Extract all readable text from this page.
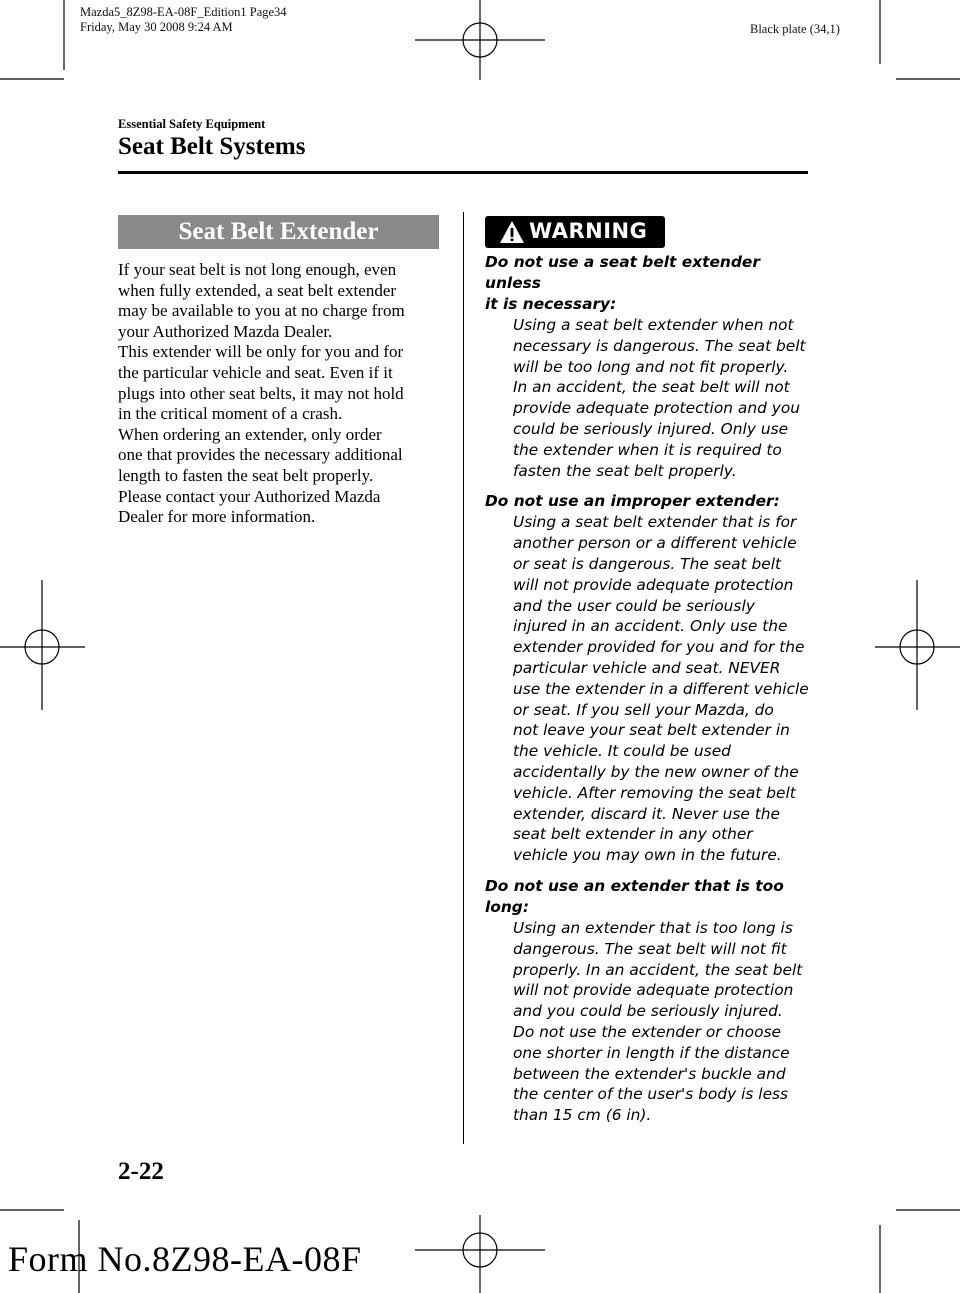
Mazda5_8Z98-EA-08F_Edition1 Page34
Friday, May 30 2008 9:24 AM	Black plate (34,1)
Essential Safety Equipment
Seat Belt Systems
Seat Belt Extender
If your seat belt is not long enough, even
when fully extended, a seat belt extender
may be available to you at no charge from
your Authorized Mazda Dealer.
This extender will be only for you and for
the particular vehicle and seat. Even if it
plugs into other seat belts, it may not hold
in the critical moment of a crash.
When ordering an extender, only order
one that provides the necessary additional
length to fasten the seat belt properly.
Please contact your Authorized Mazda
Dealer for more information.
WARNING
Do not use a seat belt extender unless
it is necessary:
Using a seat belt extender when not
necessary is dangerous. The seat belt
will be too long and not fit properly.
In an accident, the seat belt will not
provide adequate protection and you
could be seriously injured. Only use
the extender when it is required to
fasten the seat belt properly.
Do not use an improper extender:
Using a seat belt extender that is for
another person or a different vehicle
or seat is dangerous. The seat belt
will not provide adequate protection
and the user could be seriously
injured in an accident. Only use the
extender provided for you and for the
particular vehicle and seat. NEVER
use the extender in a different vehicle
or seat. If you sell your Mazda, do
not leave your seat belt extender in
the vehicle. It could be used
accidentally by the new owner of the
vehicle. After removing the seat belt
extender, discard it. Never use the
seat belt extender in any other
vehicle you may own in the future.
Do not use an extender that is too
long:
Using an extender that is too long is
dangerous. The seat belt will not fit
properly. In an accident, the seat belt
will not provide adequate protection
and you could be seriously injured.
Do not use the extender or choose
one shorter in length if the distance
between the extender's buckle and
the center of the user's body is less
than 15 cm (6 in).
2-22
Form No.8Z98-EA-08F
